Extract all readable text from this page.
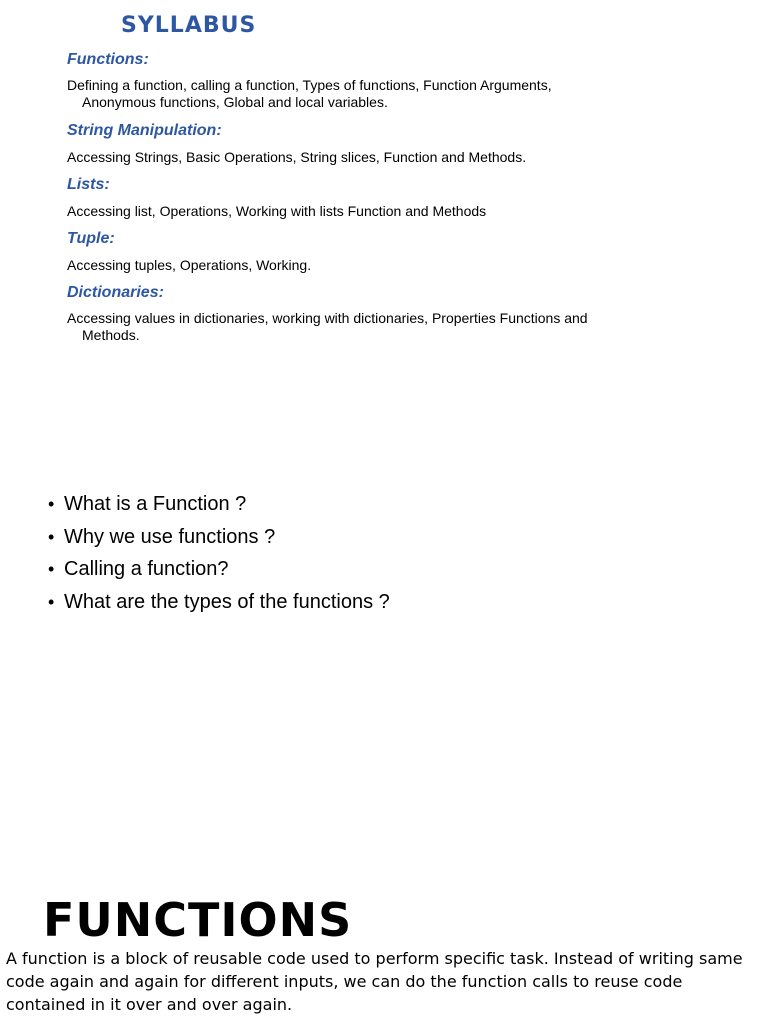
SYLLABUS
Functions:
Defining a function, calling a function, Types of functions, Function Arguments, Anonymous functions, Global and local variables.
String Manipulation:
Accessing Strings, Basic Operations, String slices, Function and Methods.
Lists:
Accessing list, Operations, Working with lists Function and Methods
Tuple:
Accessing tuples, Operations, Working.
Dictionaries:
Accessing values in dictionaries, working with dictionaries, Properties Functions and Methods.
• What is a Function ?
• Why we use functions ?
• Calling a function?
• What are the types of the functions ?
FUNCTIONS

A function is a block of reusable code used to perform specific task. Instead of writing same code again and again for different inputs, we can do the function calls to reuse code contained in it over and over again.
